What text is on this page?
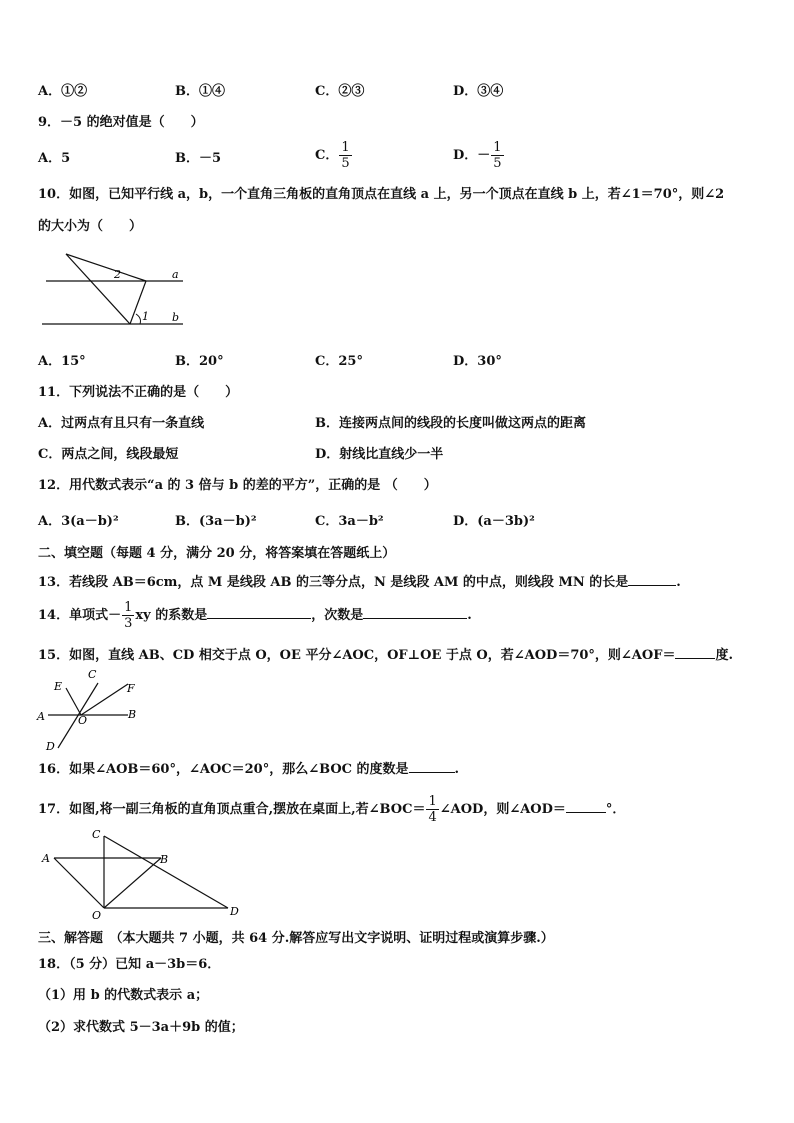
A．①②	B．①④	C．②③	D．③④
9．－5 的绝对值是（　　）
A．5	B．－5	C． $\frac{1}{5}$	D．－ $\frac{1}{5}$
10．如图，已知平行线 a，b，一个直角三角板的直角顶点在直线 a 上，另一个顶点在直线 b 上，若∠1＝70°，则∠2
的大小为（　　）
2
1
a
b
A．15°	B．20°	C．25°	D．30°
11．下列说法不正确的是（　　）
A．过两点有且只有一条直线	B．连接两点间的线段的长度叫做这两点的距离
C．两点之间，线段最短	D．射线比直线少一半
12．用代数式表示“a 的 3 倍与 b 的差的平方”，正确的是 （　　）
A．3(a－b)²	B．(3a－b)²	C．3a－b²	D．(a－3b)²
二、填空题（每题 4 分，满分 20 分，将答案填在答题纸上）
13．若线段 AB＝6cm，点 M 是线段 AB 的三等分点，N 是线段 AM 的中点，则线段 MN 的长是	.
14．单项式－ $\frac{1}{3}$ xy 的系数是	，次数是	.
15．如图，直线 AB、CD 相交于点 O，OE 平分∠AOC，OF⊥OE 于点 O，若∠AOD＝70°，则∠AOF＝	度.
C
E	F
A	B
O
D
16．如果∠AOB＝60°，∠AOC＝20°，那么∠BOC 的度数是	.
17．如图,将一副三角板的直角顶点重合,摆放在桌面上,若∠BOC＝ $\frac{1}{4}$ ∠AOD，则∠AOD＝	°．
C
A	B
O	D
三、解答题　（本大题共 7 小题，共 64 分.解答应写出文字说明、证明过程或演算步骤.）
18．（5 分）已知 a－3b＝6．
（1）用 b 的代数式表示 a；
（2）求代数式 5－3a＋9b 的值；
